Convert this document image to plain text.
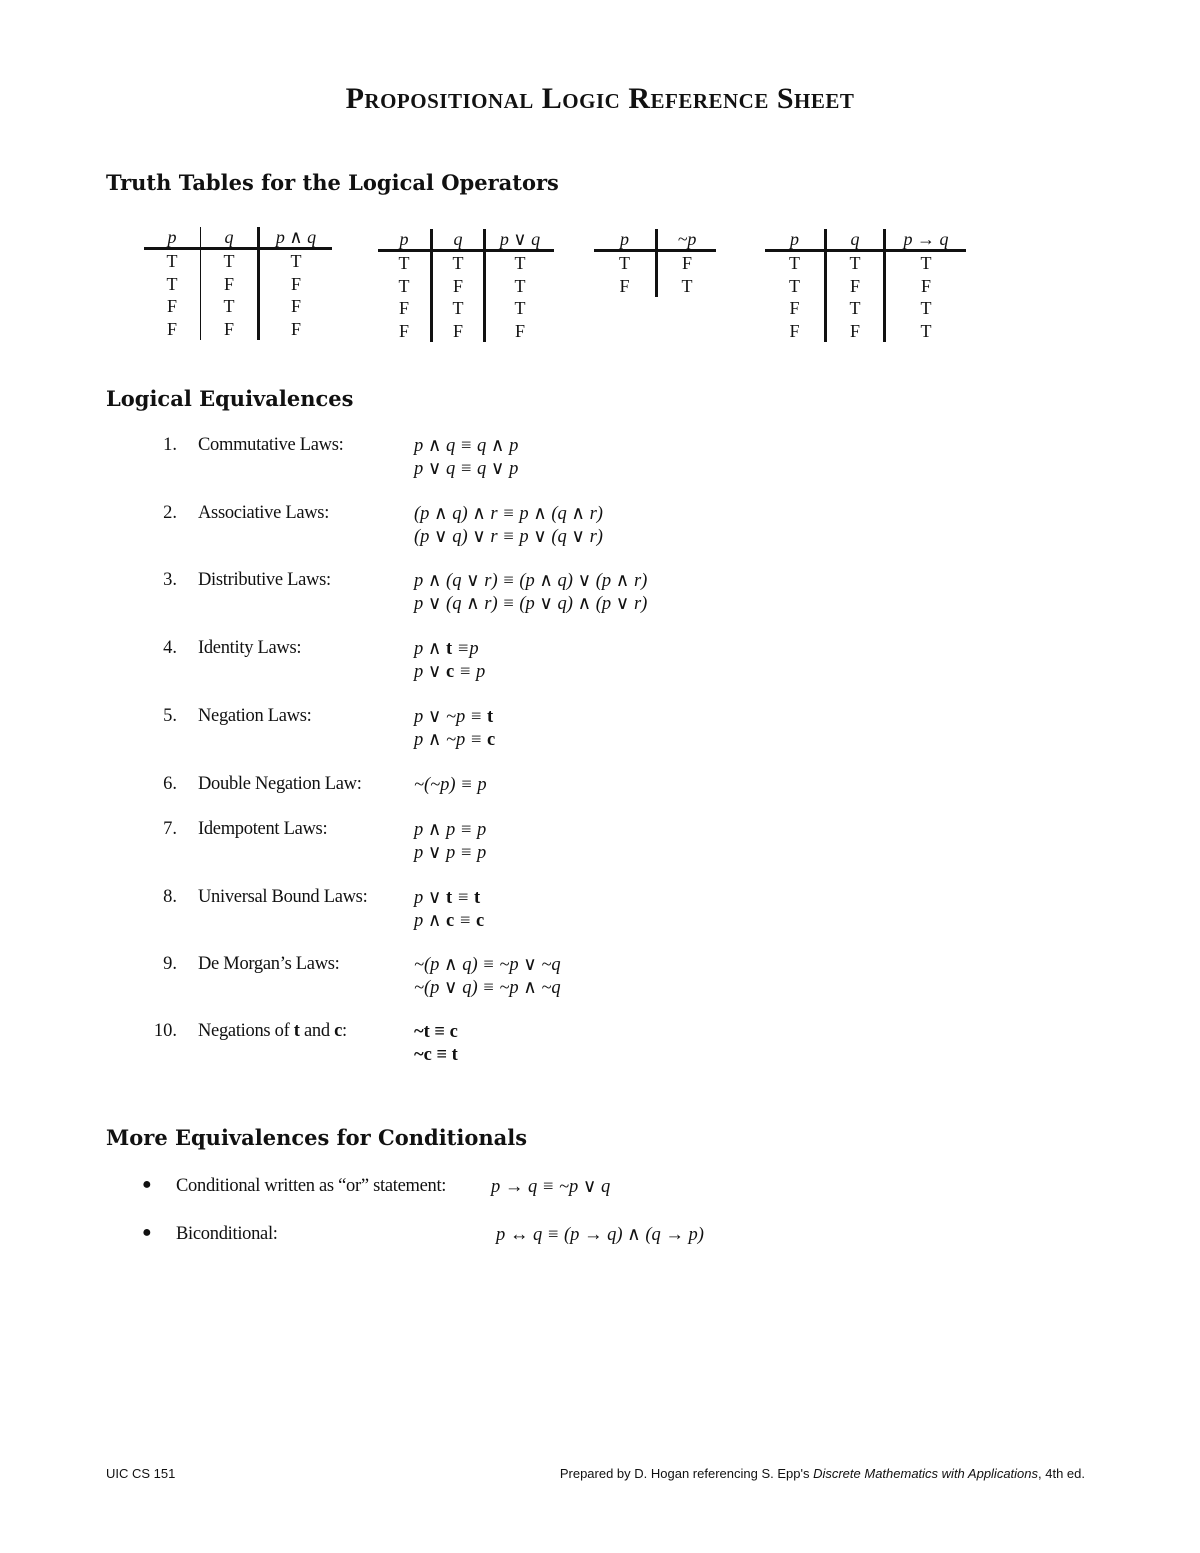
Propositional Logic Reference Sheet
Truth Tables for the Logical Operators
p	q	p ∧ q
T	T	T
T	F	F
F	T	F
F	F	F
p	q	p ∨ q
T	T	T
T	F	T
F	T	T
F	F	F
p	~p
T	F
F	T
p	q	p → q
T	T	T
T	F	F
F	T	T
F	F	T
Logical Equivalences
1. Commutative Laws:	p ∧ q ≡ q ∧ p
p ∨ q ≡ q ∨ p
2. Associative Laws:	(p ∧ q) ∧ r ≡ p ∧ (q ∧ r)
(p ∨ q) ∨ r ≡ p ∨ (q ∨ r)
3. Distributive Laws:	p ∧ (q ∨ r) ≡ (p ∧ q) ∨ (p ∧ r)
p ∨ (q ∧ r) ≡ (p ∨ q) ∧ (p ∨ r)
4. Identity Laws:	p ∧ t ≡p
p ∨ c ≡ p
5. Negation Laws:	p ∨ ~p ≡ t
p ∧ ~p ≡ c
6. Double Negation Law:	~(~p) ≡ p
7. Idempotent Laws:	p ∧ p ≡ p
p ∨ p ≡ p
8. Universal Bound Laws:	p ∨ t ≡ t
p ∧ c ≡ c
9. De Morgan’s Laws:	~(p ∧ q) ≡ ~p ∨ ~q
~(p ∨ q) ≡ ~p ∧ ~q
10. Negations of t and c:	~t ≡ c
~c ≡ t
More Equivalences for Conditionals
● Conditional written as “or” statement: p → q ≡ ~p ∨ q
● Biconditional:	p ↔ q ≡ (p → q) ∧ (q → p)
UIC CS 151	Prepared by D. Hogan referencing S. Epp's Discrete Mathematics with Applications, 4th ed.
